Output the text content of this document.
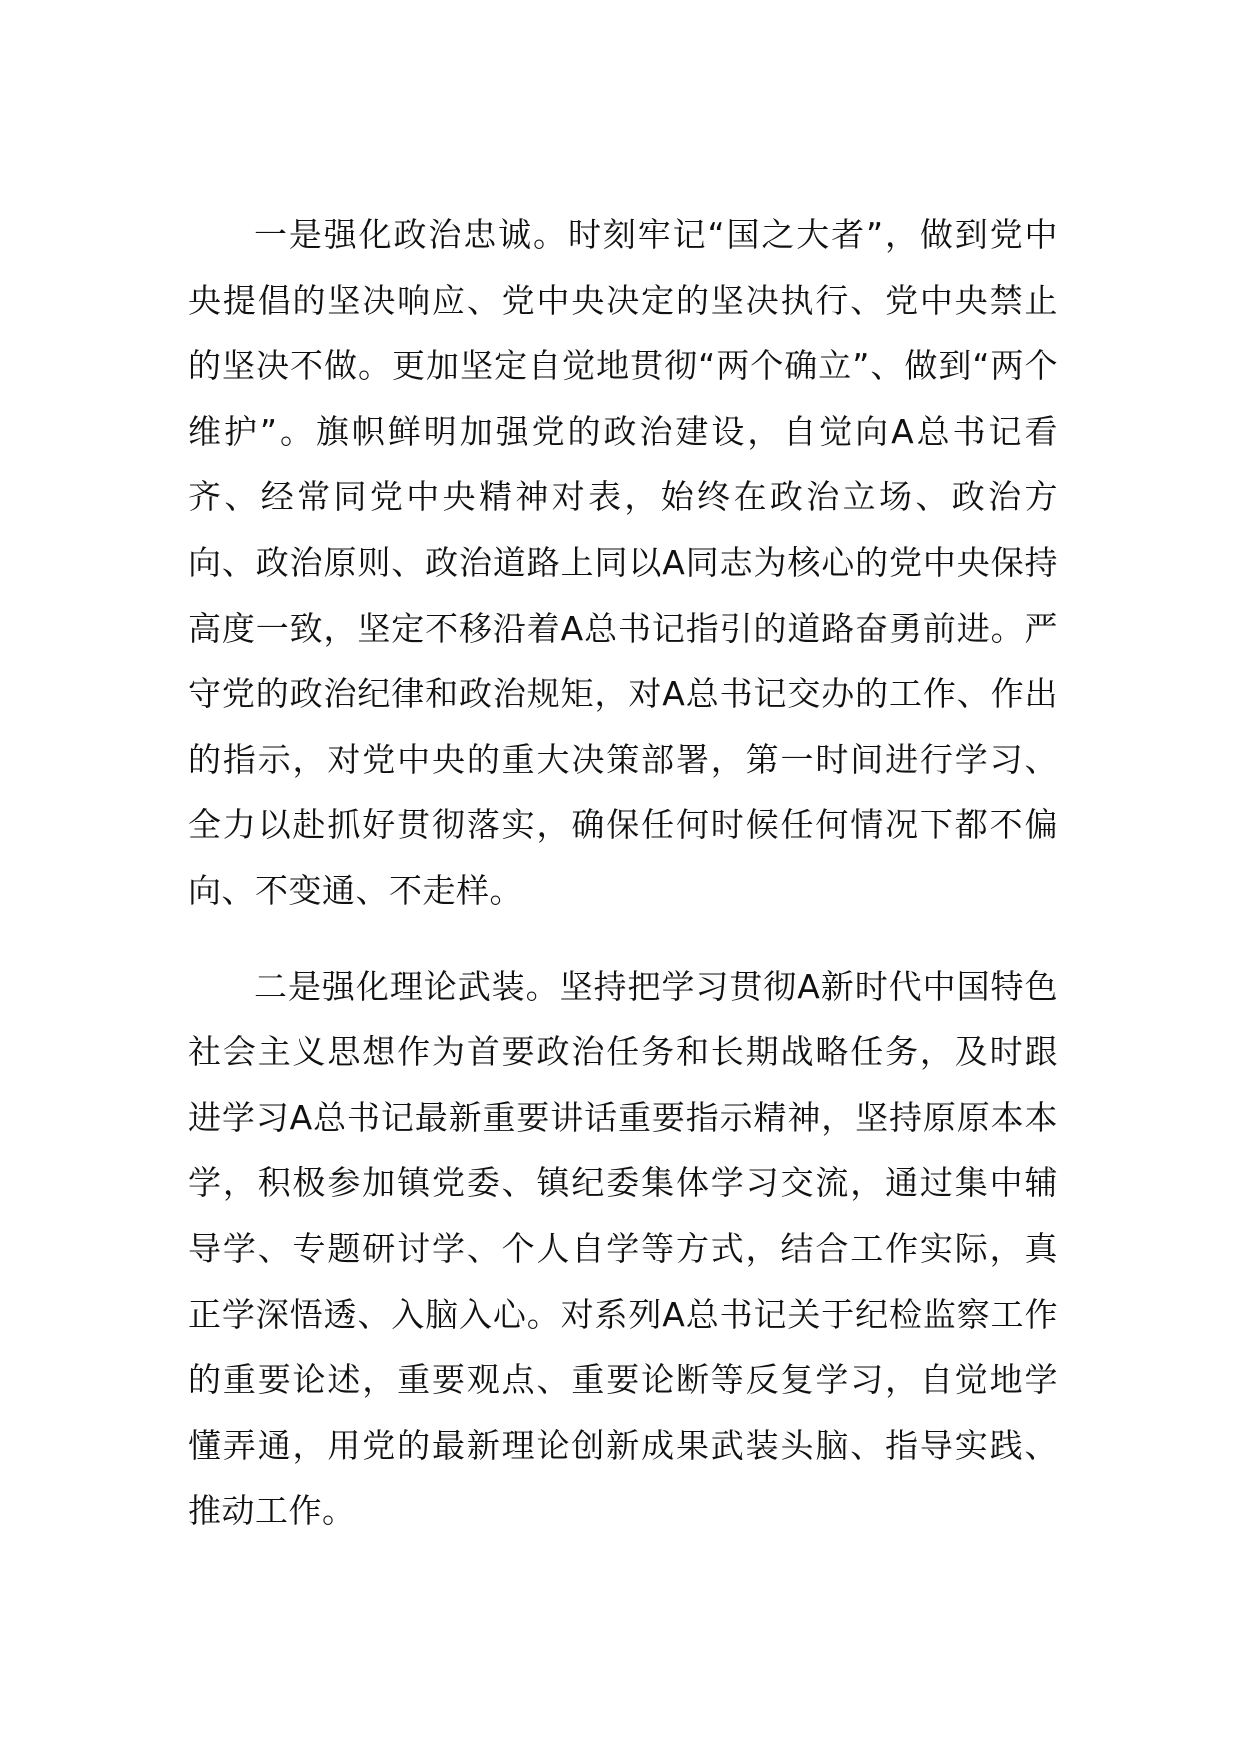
一是强化政治忠诚。时刻牢记“国之大者”，做到党中央提倡的坚决响应、党中央决定的坚决执行、党中央禁止的坚决不做。更加坚定自觉地贯彻“两个确立”、做到“两个维护”。旗帜鲜明加强党的政治建设，自觉向A总书记看齐、经常同党中央精神对表，始终在政治立场、政治方向、政治原则、政治道路上同以A同志为核心的党中央保持高度一致，坚定不移沿着A总书记指引的道路奋勇前进。严守党的政治纪律和政治规矩，对A总书记交办的工作、作出的指示，对党中央的重大决策部署，第一时间进行学习、全力以赴抓好贯彻落实，确保任何时候任何情况下都不偏向、不变通、不走样。

二是强化理论武装。坚持把学习贯彻A新时代中国特色社会主义思想作为首要政治任务和长期战略任务，及时跟进学习A总书记最新重要讲话重要指示精神，坚持原原本本学，积极参加镇党委、镇纪委集体学习交流，通过集中辅导学、专题研讨学、个人自学等方式，结合工作实际，真正学深悟透、入脑入心。对系列A总书记关于纪检监察工作的重要论述，重要观点、重要论断等反复学习，自觉地学懂弄通，用党的最新理论创新成果武装头脑、指导实践、推动工作。
